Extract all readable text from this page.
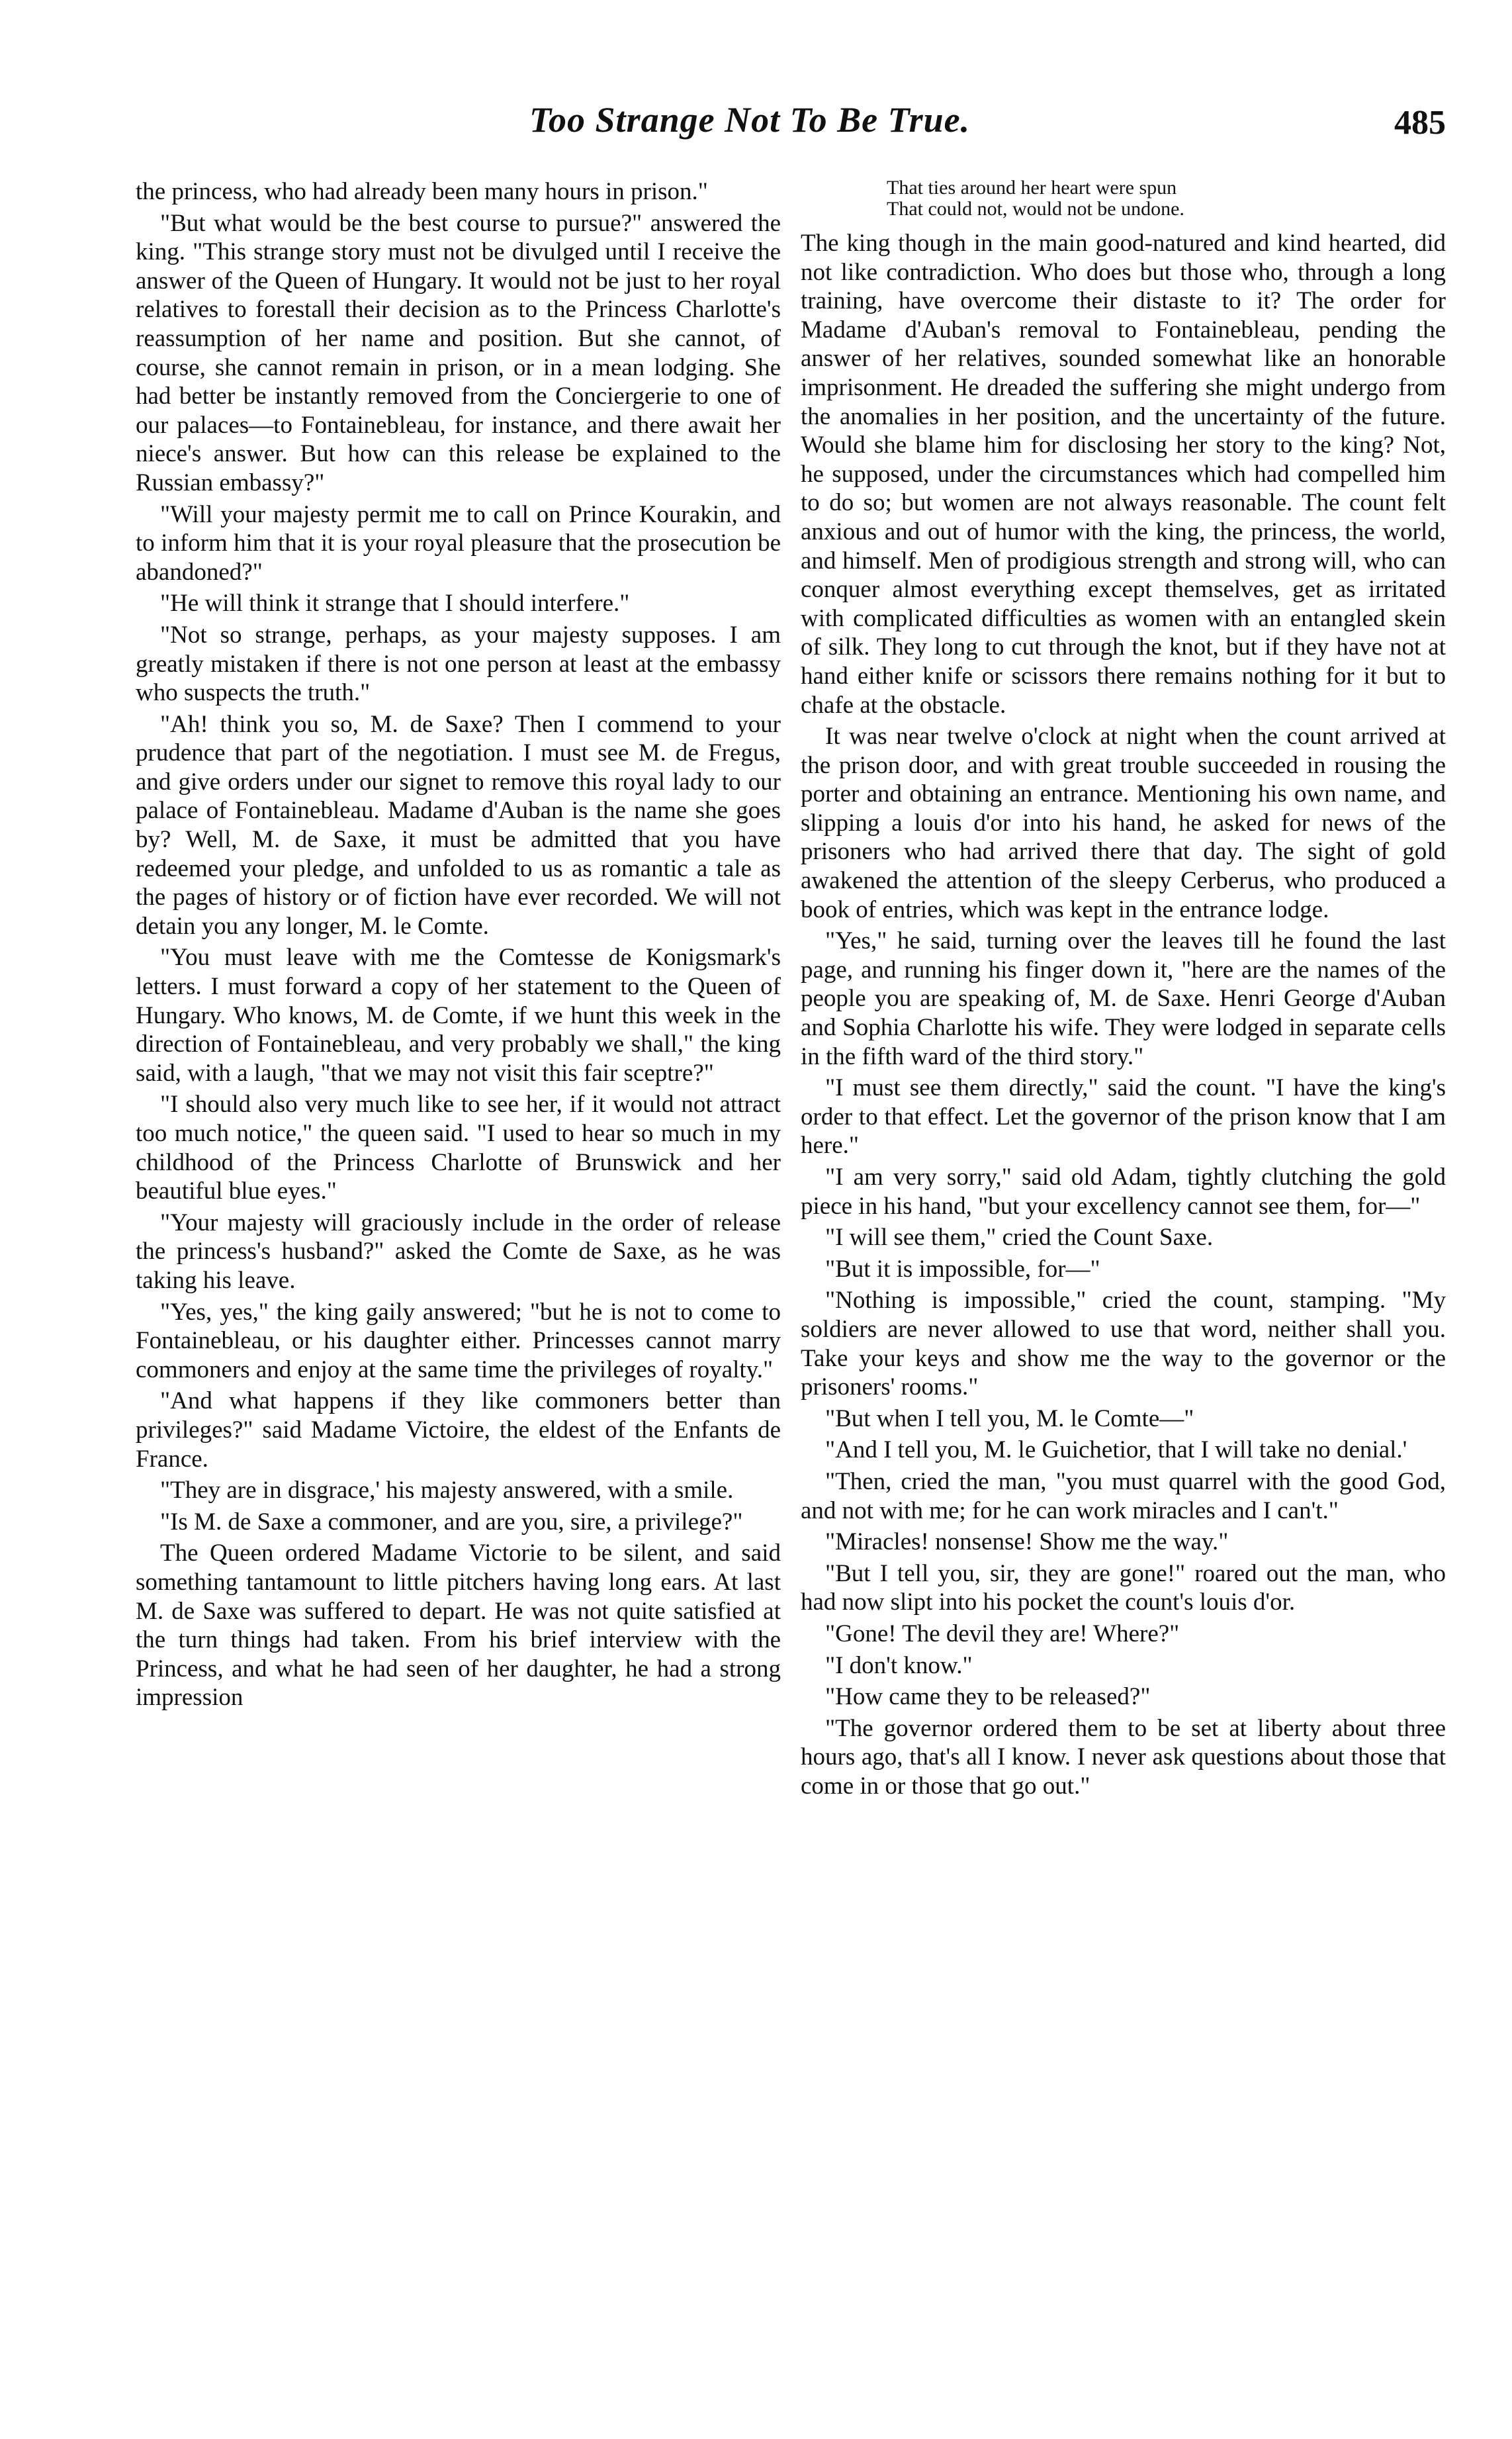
Too Strange Not To Be True.	485

the princess, who had already been many hours in prison."

"But what would be the best course to pursue?" answered the king. "This strange story must not be divulged until I receive the answer of the Queen of Hungary. It would not be just to her royal relatives to forestall their decision as to the Princess Charlotte's reassumption of her name and position. But she cannot, of course, she cannot remain in prison, or in a mean lodging. She had better be instantly removed from the Conciergerie to one of our palaces—to Fontainebleau, for instance, and there await her niece's answer. But how can this release be explained to the Russian embassy?"

"Will your majesty permit me to call on Prince Kourakin, and to inform him that it is your royal pleasure that the prosecution be abandoned?"

"He will think it strange that I should interfere."

"Not so strange, perhaps, as your majesty supposes. I am greatly mistaken if there is not one person at least at the embassy who suspects the truth."

"Ah! think you so, M. de Saxe? Then I commend to your prudence that part of the negotiation. I must see M. de Fregus, and give orders under our signet to remove this royal lady to our palace of Fontainebleau. Madame d'Auban is the name she goes by? Well, M. de Saxe, it must be admitted that you have redeemed your pledge, and unfolded to us as romantic a tale as the pages of history or of fiction have ever recorded. We will not detain you any longer, M. le Comte.

"You must leave with me the Comtesse de Konigsmark's letters. I must forward a copy of her statement to the Queen of Hungary. Who knows, M. de Comte, if we hunt this week in the direction of Fontainebleau, and very probably we shall," the king said, with a laugh, "that we may not visit this fair sceptre?"

"I should also very much like to see her, if it would not attract too much notice," the queen said. "I used to hear so much in my childhood of the Princess Charlotte of Brunswick and her beautiful blue eyes."

"Your majesty will graciously include in the order of release the princess's husband?" asked the Comte de Saxe, as he was taking his leave.

"Yes, yes," the king gaily answered; "but he is not to come to Fontainebleau, or his daughter either. Princesses cannot marry commoners and enjoy at the same time the privileges of royalty."

"And what happens if they like commoners better than privileges?" said Madame Victoire, the eldest of the Enfants de France.

"They are in disgrace,' his majesty answered, with a smile.

"Is M. de Saxe a commoner, and are you, sire, a privilege?"

The Queen ordered Madame Victorie to be silent, and said something tantamount to little pitchers having long ears. At last M. de Saxe was suffered to depart. He was not quite satisfied at the turn things had taken. From his brief interview with the Princess, and what he had seen of her daughter, he had a strong impression

That ties around her heart were spun
That could not, would not be undone.

The king though in the main good-natured and kind hearted, did not like contradiction. Who does but those who, through a long training, have overcome their distaste to it? The order for Madame d'Auban's removal to Fontainebleau, pending the answer of her relatives, sounded somewhat like an honorable imprisonment. He dreaded the suffering she might undergo from the anomalies in her position, and the uncertainty of the future. Would she blame him for disclosing her story to the king? Not, he supposed, under the circumstances which had compelled him to do so; but women are not always reasonable. The count felt anxious and out of humor with the king, the princess, the world, and himself. Men of prodigious strength and strong will, who can conquer almost everything except themselves, get as irritated with complicated difficulties as women with an entangled skein of silk. They long to cut through the knot, but if they have not at hand either knife or scissors there remains nothing for it but to chafe at the obstacle.

It was near twelve o'clock at night when the count arrived at the prison door, and with great trouble succeeded in rousing the porter and obtaining an entrance. Mentioning his own name, and slipping a louis d'or into his hand, he asked for news of the prisoners who had arrived there that day. The sight of gold awakened the attention of the sleepy Cerberus, who produced a book of entries, which was kept in the entrance lodge.

"Yes," he said, turning over the leaves till he found the last page, and running his finger down it, "here are the names of the people you are speaking of, M. de Saxe. Henri George d'Auban and Sophia Charlotte his wife. They were lodged in separate cells in the fifth ward of the third story."

"I must see them directly," said the count. "I have the king's order to that effect. Let the governor of the prison know that I am here."

"I am very sorry," said old Adam, tightly clutching the gold piece in his hand, "but your excellency cannot see them, for—"

"I will see them," cried the Count Saxe.

"But it is impossible, for—"

"Nothing is impossible," cried the count, stamping. "My soldiers are never allowed to use that word, neither shall you. Take your keys and show me the way to the governor or the prisoners' rooms."

"But when I tell you, M. le Comte—"

"And I tell you, M. le Guichetior, that I will take no denial.'

"Then, cried the man, "you must quarrel with the good God, and not with me; for he can work miracles and I can't."

"Miracles! nonsense! Show me the way."

"But I tell you, sir, they are gone!" roared out the man, who had now slipt into his pocket the count's louis d'or.

"Gone! The devil they are! Where?"

"I don't know."

"How came they to be released?"

"The governor ordered them to be set at liberty about three hours ago, that's all I know. I never ask questions about those that come in or those that go out."
